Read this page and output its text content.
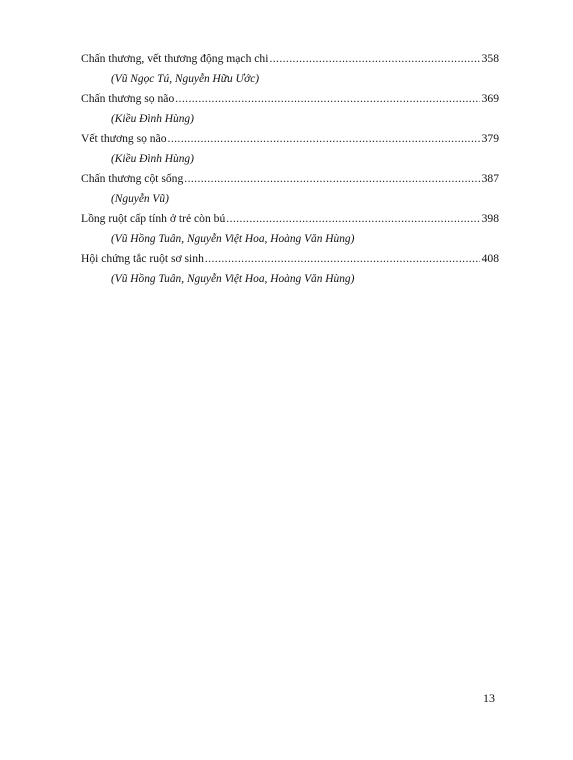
Chấn thương, vết thương động mạch chi .....	358
(Vũ Ngọc Tú, Nguyễn Hữu Ước)
Chấn thương sọ não .....	369
(Kiều Đình Hùng)
Vết thương sọ não .....	379
(Kiều Đình Hùng)
Chấn thương cột sống .....	387
(Nguyễn Vũ)
Lồng ruột cấp tính ở trẻ còn bú .....	398
(Vũ Hồng Tuân, Nguyễn Việt Hoa, Hoàng Văn Hùng)
Hội chứng tắc ruột sơ sinh .....	408
(Vũ Hồng Tuân, Nguyễn Việt Hoa, Hoàng Văn Hùng)
13
